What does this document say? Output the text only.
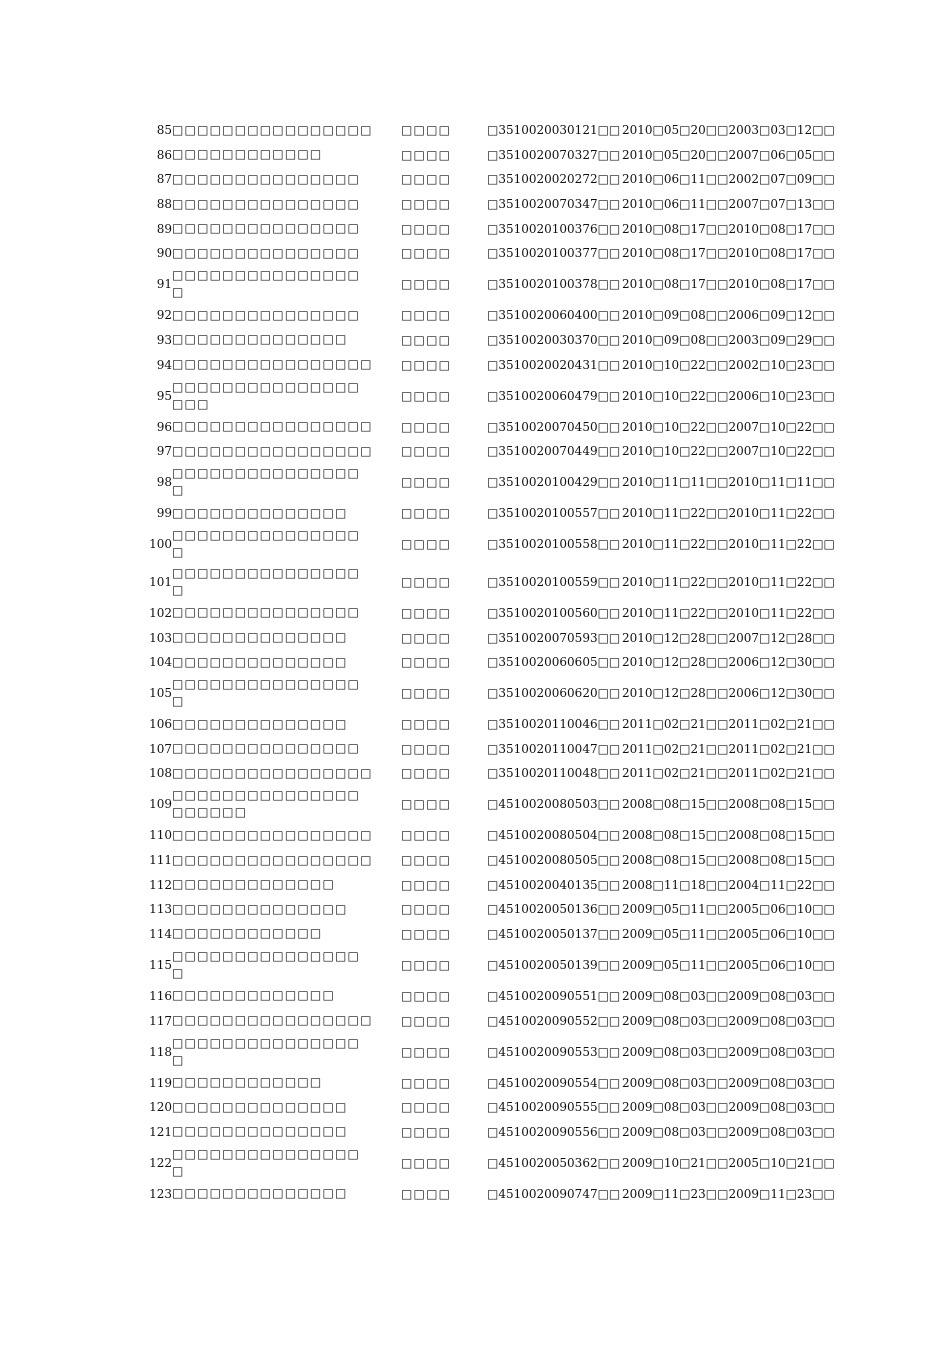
85	□□□□□□□□□□□□□□□□	□□□□	□3510020030121□□	2010□05□20□□	2003□03□12□□
86	□□□□□□□□□□□□	□□□□	□3510020070327□□	2010□05□20□□	2007□06□05□□
87	□□□□□□□□□□□□□□□	□□□□	□3510020020272□□	2010□06□11□□	2002□07□09□□
88	□□□□□□□□□□□□□□□	□□□□	□3510020070347□□	2010□06□11□□	2007□07□13□□
89	□□□□□□□□□□□□□□□	□□□□	□3510020100376□□	2010□08□17□□	2010□08□17□□
90	□□□□□□□□□□□□□□□	□□□□	□3510020100377□□	2010□08□17□□	2010□08□17□□
91	□□□□□□□□□□□□□□□
□	□□□□	□3510020100378□□	2010□08□17□□	2010□08□17□□
92	□□□□□□□□□□□□□□□	□□□□	□3510020060400□□	2010□09□08□□	2006□09□12□□
93	□□□□□□□□□□□□□□	□□□□	□3510020030370□□	2010□09□08□□	2003□09□29□□
94	□□□□□□□□□□□□□□□□	□□□□	□3510020020431□□	2010□10□22□□	2002□10□23□□
95	□□□□□□□□□□□□□□□
□□□	□□□□	□3510020060479□□	2010□10□22□□	2006□10□23□□
96	□□□□□□□□□□□□□□□□	□□□□	□3510020070450□□	2010□10□22□□	2007□10□22□□
97	□□□□□□□□□□□□□□□□	□□□□	□3510020070449□□	2010□10□22□□	2007□10□22□□
98	□□□□□□□□□□□□□□□
□	□□□□	□3510020100429□□	2010□11□11□□	2010□11□11□□
99	□□□□□□□□□□□□□□	□□□□	□3510020100557□□	2010□11□22□□	2010□11□22□□
100	□□□□□□□□□□□□□□□
□	□□□□	□3510020100558□□	2010□11□22□□	2010□11□22□□
101	□□□□□□□□□□□□□□□
□	□□□□	□3510020100559□□	2010□11□22□□	2010□11□22□□
102	□□□□□□□□□□□□□□□	□□□□	□3510020100560□□	2010□11□22□□	2010□11□22□□
103	□□□□□□□□□□□□□□	□□□□	□3510020070593□□	2010□12□28□□	2007□12□28□□
104	□□□□□□□□□□□□□□	□□□□	□3510020060605□□	2010□12□28□□	2006□12□30□□
105	□□□□□□□□□□□□□□□
□	□□□□	□3510020060620□□	2010□12□28□□	2006□12□30□□
106	□□□□□□□□□□□□□□	□□□□	□3510020110046□□	2011□02□21□□	2011□02□21□□
107	□□□□□□□□□□□□□□□	□□□□	□3510020110047□□	2011□02□21□□	2011□02□21□□
108	□□□□□□□□□□□□□□□□	□□□□	□3510020110048□□	2011□02□21□□	2011□02□21□□
109	□□□□□□□□□□□□□□□
□□□□□□	□□□□	□4510020080503□□	2008□08□15□□	2008□08□15□□
110	□□□□□□□□□□□□□□□□	□□□□	□4510020080504□□	2008□08□15□□	2008□08□15□□
111	□□□□□□□□□□□□□□□□	□□□□	□4510020080505□□	2008□08□15□□	2008□08□15□□
112	□□□□□□□□□□□□□	□□□□	□4510020040135□□	2008□11□18□□	2004□11□22□□
113	□□□□□□□□□□□□□□	□□□□	□4510020050136□□	2009□05□11□□	2005□06□10□□
114	□□□□□□□□□□□□	□□□□	□4510020050137□□	2009□05□11□□	2005□06□10□□
115	□□□□□□□□□□□□□□□
□	□□□□	□4510020050139□□	2009□05□11□□	2005□06□10□□
116	□□□□□□□□□□□□□	□□□□	□4510020090551□□	2009□08□03□□	2009□08□03□□
117	□□□□□□□□□□□□□□□□	□□□□	□4510020090552□□	2009□08□03□□	2009□08□03□□
118	□□□□□□□□□□□□□□□
□	□□□□	□4510020090553□□	2009□08□03□□	2009□08□03□□
119	□□□□□□□□□□□□	□□□□	□4510020090554□□	2009□08□03□□	2009□08□03□□
120	□□□□□□□□□□□□□□	□□□□	□4510020090555□□	2009□08□03□□	2009□08□03□□
121	□□□□□□□□□□□□□□	□□□□	□4510020090556□□	2009□08□03□□	2009□08□03□□
122	□□□□□□□□□□□□□□□
□	□□□□	□4510020050362□□	2009□10□21□□	2005□10□21□□
123	□□□□□□□□□□□□□□	□□□□	□4510020090747□□	2009□11□23□□	2009□11□23□□
